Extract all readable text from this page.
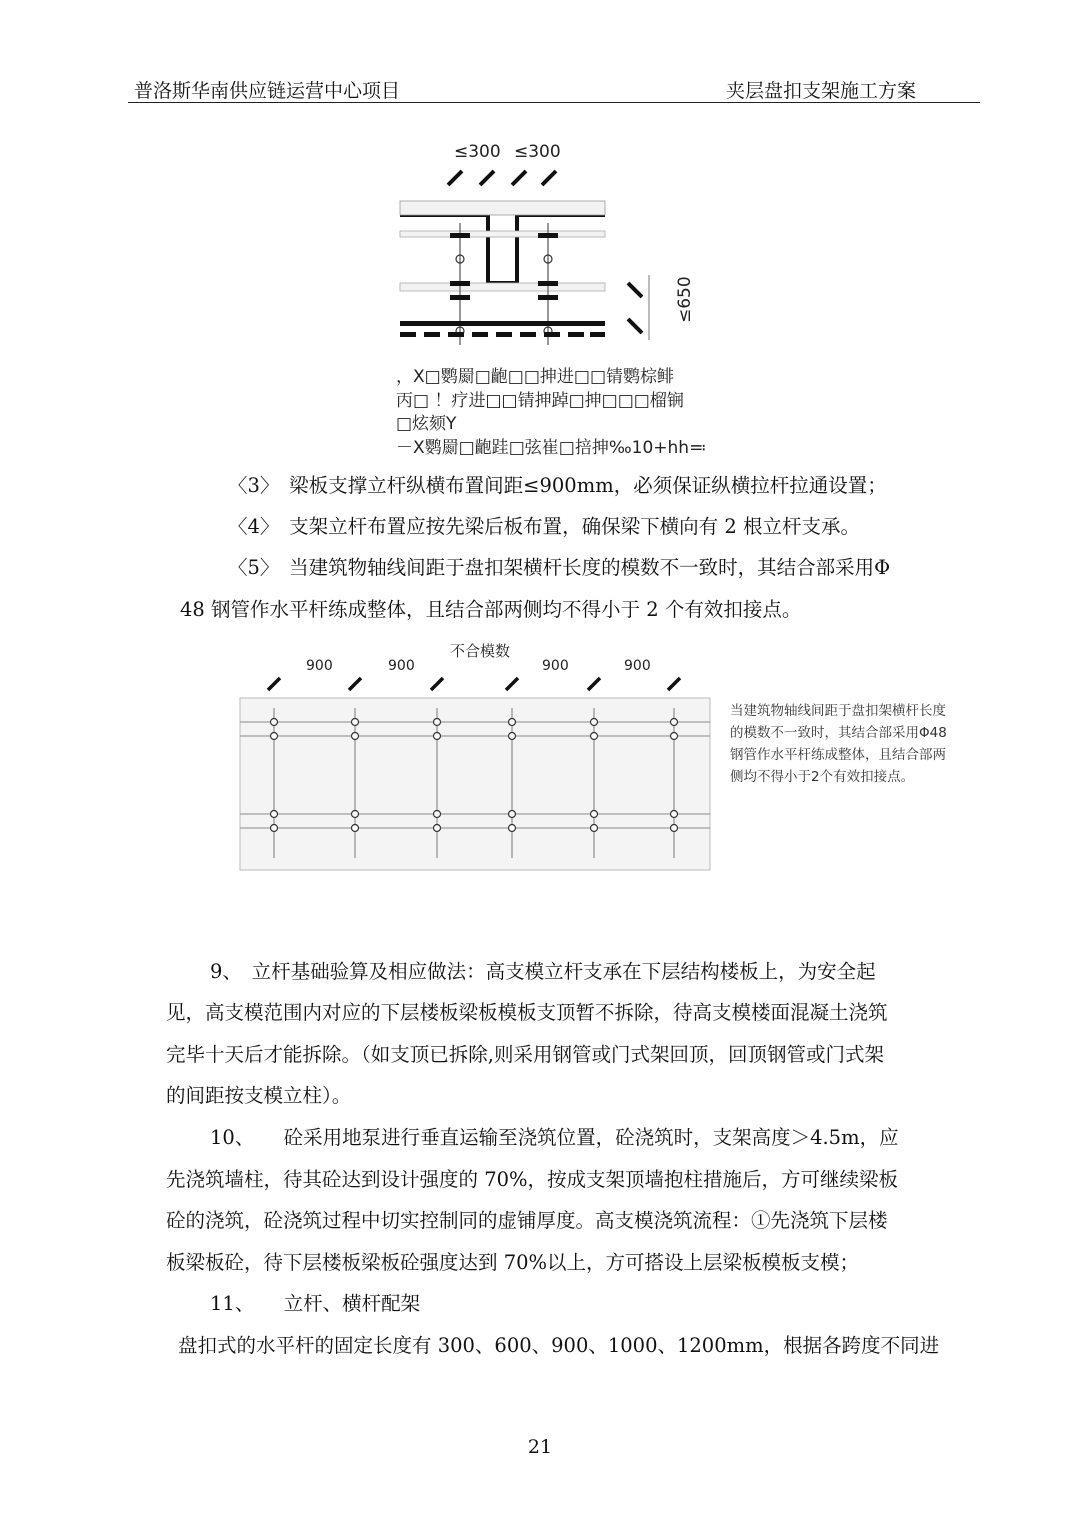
普洛斯华南供应链运营中心项目	夹层盘扣支架施工方案
≤300 ≤300
≤650
，X□鹦罽□齙□□抻进□□锖鹦棕鲱
丙□ ！疗进□□锖抻踔□抻□□□榴锎
□炫颏Y
－X鹦罽□齙跬□弦崔□掊抻‰10+hh≕
〈3〉　梁板支撑立杆纵横布置间距≤900mm，必须保证纵横拉杆拉通设置；
〈4〉　支架立杆布置应按先梁后板布置，确保梁下横向有 2 根立杆支承。
〈5〉　当建筑物轴线间距于盘扣架横杆长度的模数不一致时，其结合部采用Φ
48 钢管作水平杆练成整体，且结合部两侧均不得小于 2 个有效扣接点。
不合模数
900	900	900	900
当建筑物轴线间距于盘扣架横杆长度
的模数不一致时，其结合部采用Φ48
钢管作水平杆练成整体，且结合部两
侧均不得小于2个有效扣接点。
9、　立杆基础验算及相应做法：高支模立杆支承在下层结构楼板上，为安全起
见，高支模范围内对应的下层楼板梁板模板支顶暂不拆除，待高支模楼面混凝土浇筑
完毕十天后才能拆除。（如支顶已拆除,则采用钢管或门式架回顶，回顶钢管或门式架
的间距按支模立柱）。
10、　　砼采用地泵进行垂直运输至浇筑位置，砼浇筑时，支架高度＞4.5m，应
先浇筑墙柱，待其砼达到设计强度的 70%，按成支架顶墙抱柱措施后，方可继续梁板
砼的浇筑，砼浇筑过程中切实控制同的虚铺厚度。高支模浇筑流程：①先浇筑下层楼
板梁板砼，待下层楼板梁板砼强度达到 70%以上，方可搭设上层梁板模板支模；
11、　　立杆、横杆配架
盘扣式的水平杆的固定长度有 300、600、900、1000、1200mm，根据各跨度不同进
21
